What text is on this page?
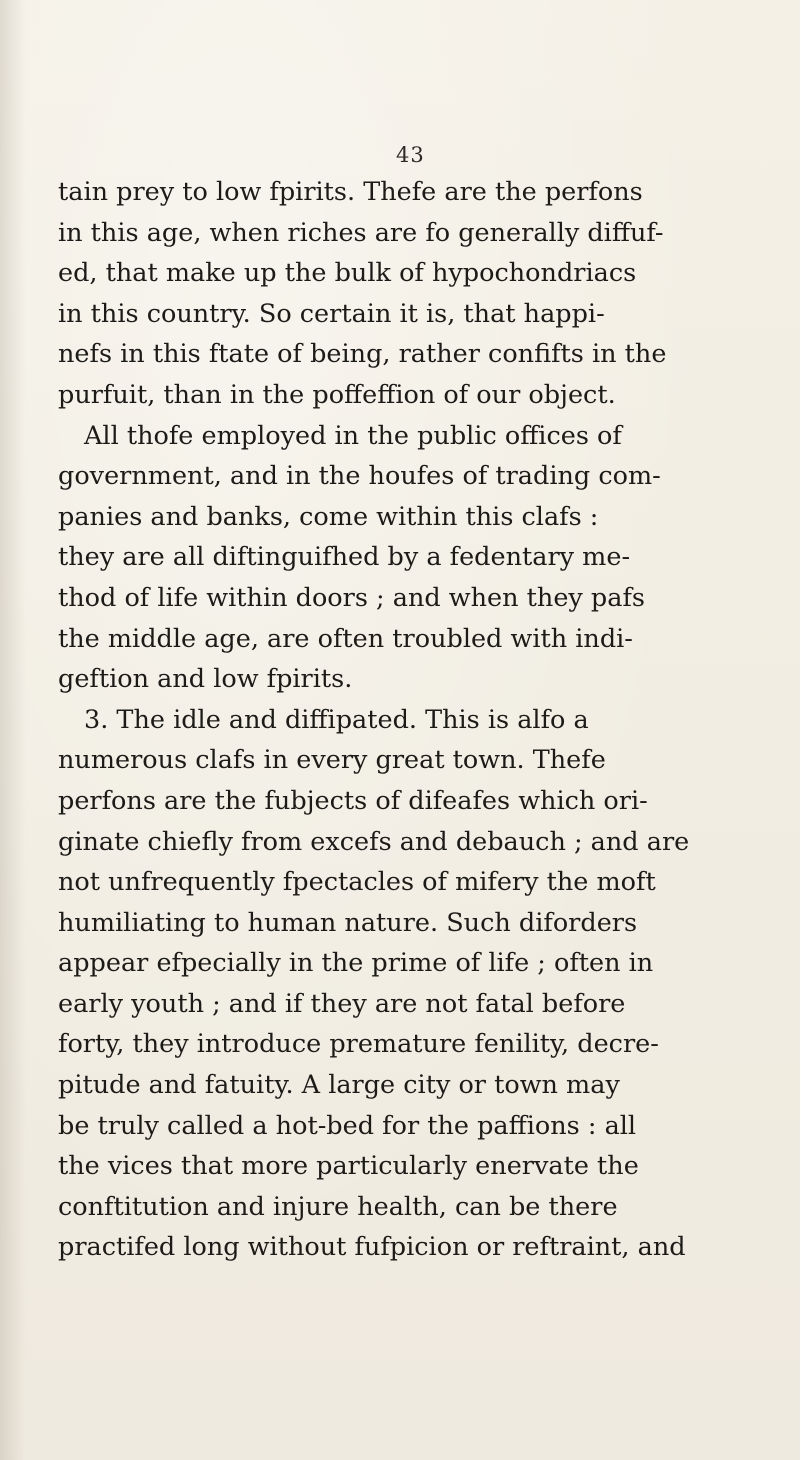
43
tain prey to low fpirits. Thefe are the perfons
in this age, when riches are fo generally diffuf-
ed, that make up the bulk of hypochondriacs
in this country. So certain it is, that happi-
nefs in this ftate of being, rather confifts in the
purfuit, than in the poffeffion of our object.
All thofe employed in the public offices of
government, and in the houfes of trading com-
panies and banks, come within this clafs :
they are all diftinguifhed by a fedentary me-
thod of life within doors ; and when they pafs
the middle age, are often troubled with indi-
geftion and low fpirits.
3. The idle and diffipated. This is alfo a
numerous clafs in every great town. Thefe
perfons are the fubjects of difeafes which ori-
ginate chiefly from excefs and debauch ; and are
not unfrequently fpectacles of mifery the moft
humiliating to human nature. Such diforders
appear efpecially in the prime of life ; often in
early youth ; and if they are not fatal before
forty, they introduce premature fenility, decre-
pitude and fatuity. A large city or town may
be truly called a hot-bed for the paffions : all
the vices that more particularly enervate the
conftitution and injure health, can be there
practifed long without fufpicion or reftraint, and
